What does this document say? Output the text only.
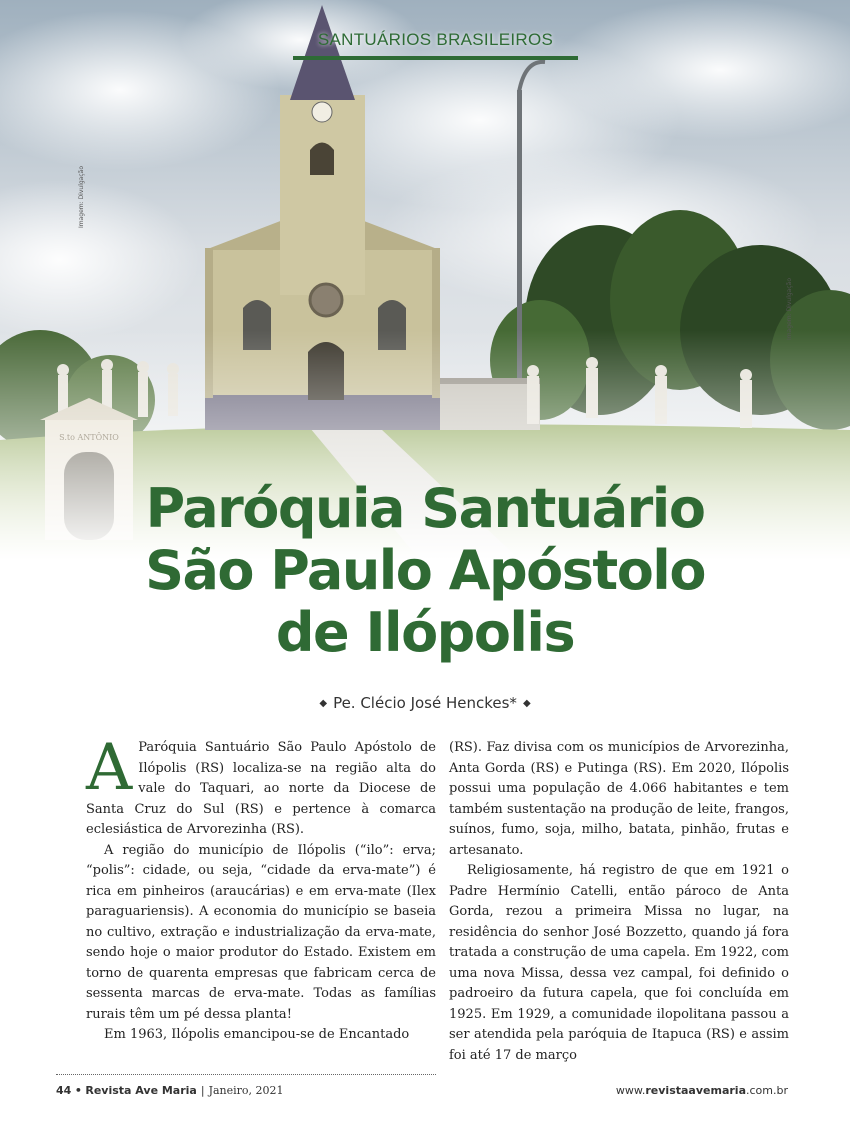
Imagem: Divulgação
Imagem: Divulgação
SANTUÁRIOS BRASILEIROS
Paróquia Santuário
São Paulo Apóstolo
de Ilópolis
◆ Pe. Clécio José Henckes* ◆

A Paróquia Santuário São Paulo Apóstolo de Ilópolis (RS) localiza-se na região alta do vale do Taquari, ao norte da Diocese de Santa Cruz do Sul (RS) e pertence à comarca eclesiástica de Arvorezinha (RS).

A região do município de Ilópolis (“ilo”: erva; “polis”: cidade, ou seja, “cidade da erva-mate”) é rica em pinheiros (araucárias) e em erva-mate (Ilex paraguariensis). A economia do município se baseia no cultivo, extração e industrialização da erva-mate, sendo hoje o maior produtor do Estado. Existem em torno de quarenta empresas que fabricam cerca de sessenta marcas de erva-mate. Todas as famílias rurais têm um pé dessa planta!

Em 1963, Ilópolis emancipou-se de Encantado

(RS). Faz divisa com os municípios de Arvorezinha, Anta Gorda (RS) e Putinga (RS). Em 2020, Ilópolis possui uma população de 4.066 habitantes e tem também sustentação na produção de leite, frangos, suínos, fumo, soja, milho, batata, pinhão, frutas e artesanato.

Religiosamente, há registro de que em 1921 o Padre Hermínio Catelli, então pároco de Anta Gorda, rezou a primeira Missa no lugar, na residência do senhor José Bozzetto, quando já fora tratada a construção de uma capela. Em 1922, com uma nova Missa, dessa vez campal, foi definido o padroeiro da futura capela, que foi concluída em 1925. Em 1929, a comunidade ilopolitana passou a ser atendida pela paróquia de Itapuca (RS) e assim foi até 17 de março

44 • Revista Ave Maria | Janeiro, 2021	www.revistaavemaria.com.br
